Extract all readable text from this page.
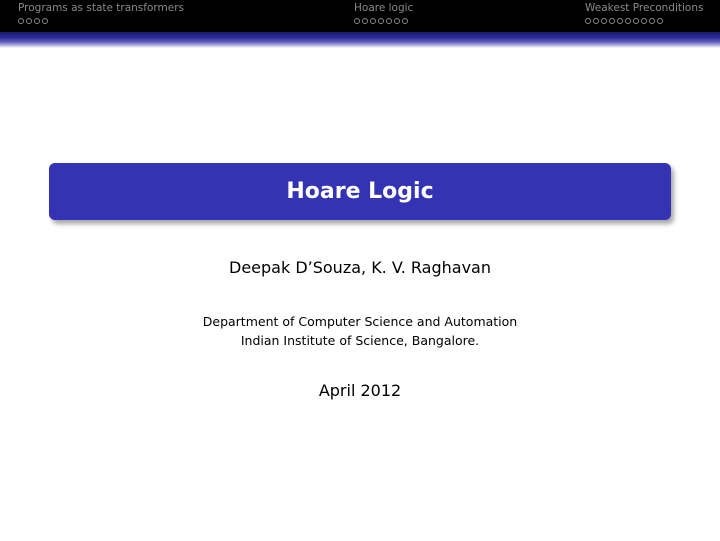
Programs as state transformers	Hoare logic	Weakest Preconditions
Hoare Logic
Deepak D’Souza, K. V. Raghavan
Department of Computer Science and Automation
Indian Institute of Science, Bangalore.
April 2012
